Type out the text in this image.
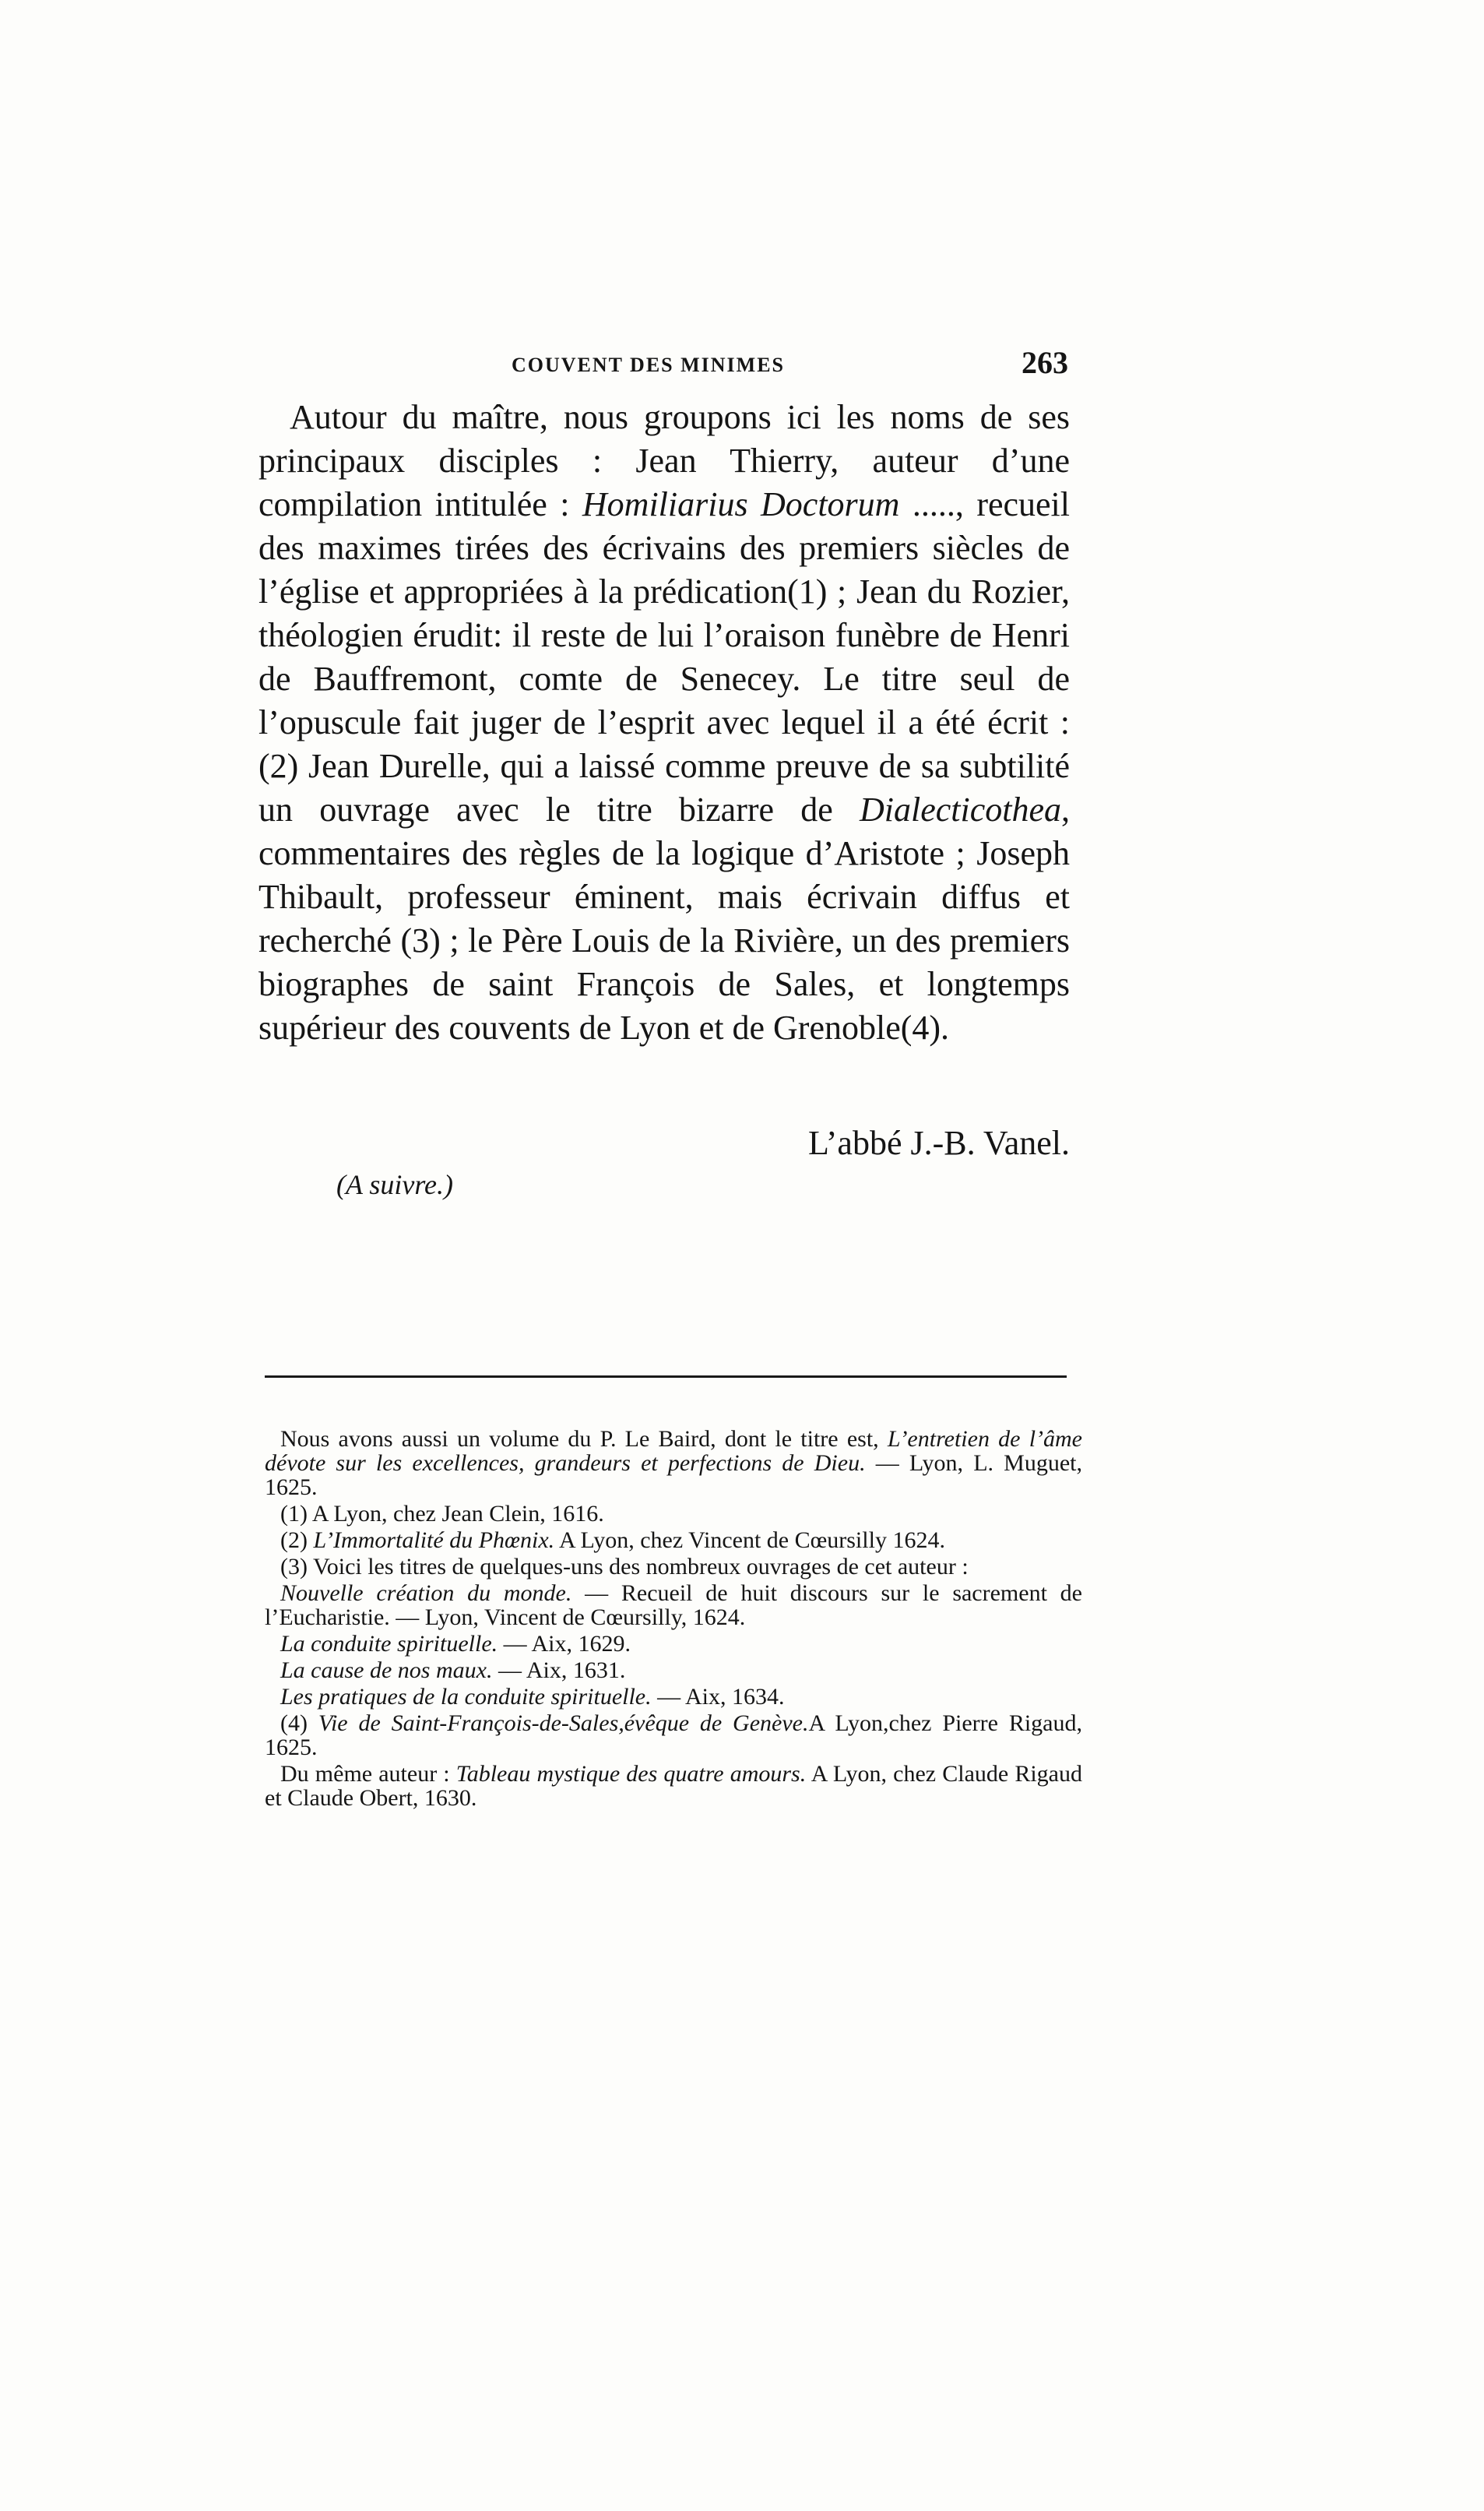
COUVENT DES MINIMES	263

Autour du maître, nous groupons ici les noms de ses principaux disciples : Jean Thierry, auteur d’une compilation intitulée : Homiliarius Doctorum ....., recueil des maximes tirées des écrivains des premiers siècles de l’église et appropriées à la prédication(1) ; Jean du Rozier, théologien érudit: il reste de lui l’oraison funèbre de Henri de Bauffremont, comte de Senecey. Le titre seul de l’opuscule fait juger de l’esprit avec lequel il a été écrit : (2) Jean Durelle, qui a laissé comme preuve de sa subtilité un ouvrage avec le titre bizarre de Dialecticothea, commentaires des règles de la logique d’Aristote ; Joseph Thibault, professeur éminent, mais écrivain diffus et recherché (3) ; le Père Louis de la Rivière, un des premiers biographes de saint François de Sales, et longtemps supérieur des couvents de Lyon et de Grenoble(4).

L’abbé J.-B. Vanel.
(A suivre.)

Nous avons aussi un volume du P. Le Baird, dont le titre est, L’entretien de l’âme dévote sur les excellences, grandeurs et perfections de Dieu. — Lyon, L. Muguet, 1625.

(1) A Lyon, chez Jean Clein, 1616.

(2) L’Immortalité du Phœnix. A Lyon, chez Vincent de Cœursilly 1624.

(3) Voici les titres de quelques-uns des nombreux ouvrages de cet auteur :

Nouvelle création du monde. — Recueil de huit discours sur le sacrement de l’Eucharistie. — Lyon, Vincent de Cœursilly, 1624.

La conduite spirituelle. — Aix, 1629.

La cause de nos maux. — Aix, 1631.

Les pratiques de la conduite spirituelle. — Aix, 1634.

(4) Vie de Saint-François-de-Sales,évêque de Genève.A Lyon,chez Pierre Rigaud, 1625.

Du même auteur : Tableau mystique des quatre amours. A Lyon, chez Claude Rigaud et Claude Obert, 1630.
